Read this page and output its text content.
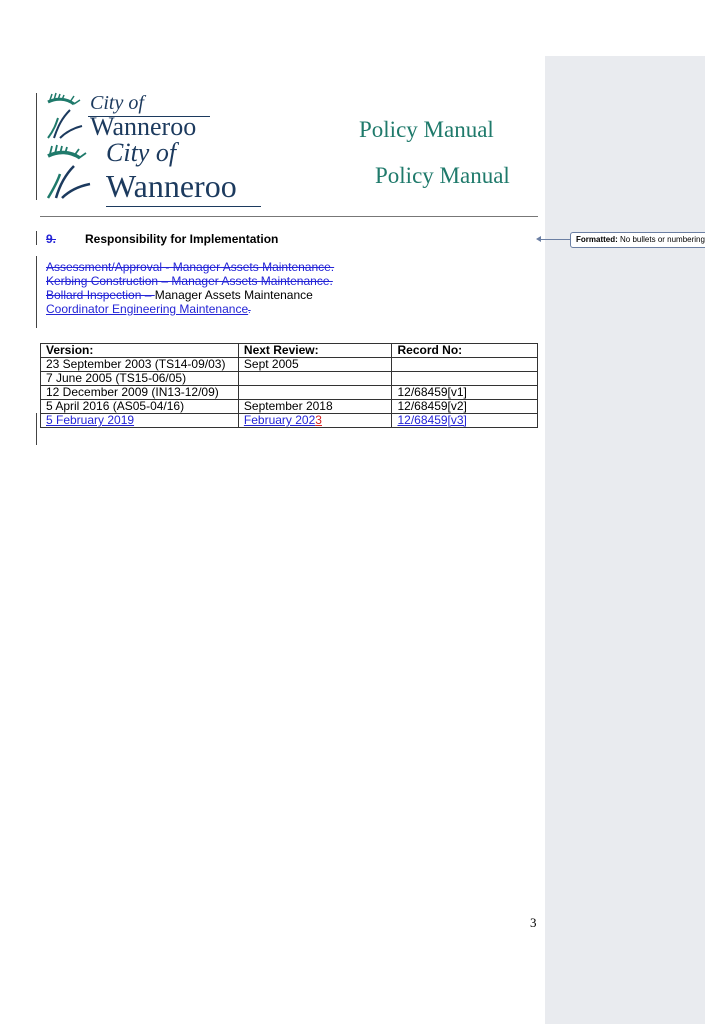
City of
Wanneroo
City of
Wanneroo
Policy Manual
Policy Manual
9. Responsibility for Implementation	Formatted: No bullets or numbering
Assessment/Approval - Manager Assets Maintenance.
Kerbing Construction – Manager Assets Maintenance.
Bollard Inspection – Manager Assets Maintenance
Coordinator Engineering Maintenance.
Version:	Next Review:	Record No:
23 September 2003 (TS14-09/03)	Sept 2005	
7 June 2005 (TS15-06/05)		
12 December 2009 (IN13-12/09)		12/68459[v1]
5 April 2016 (AS05-04/16)	September 2018	12/68459[v2]
5 February 2019	February 2023	12/68459[v3]
3
